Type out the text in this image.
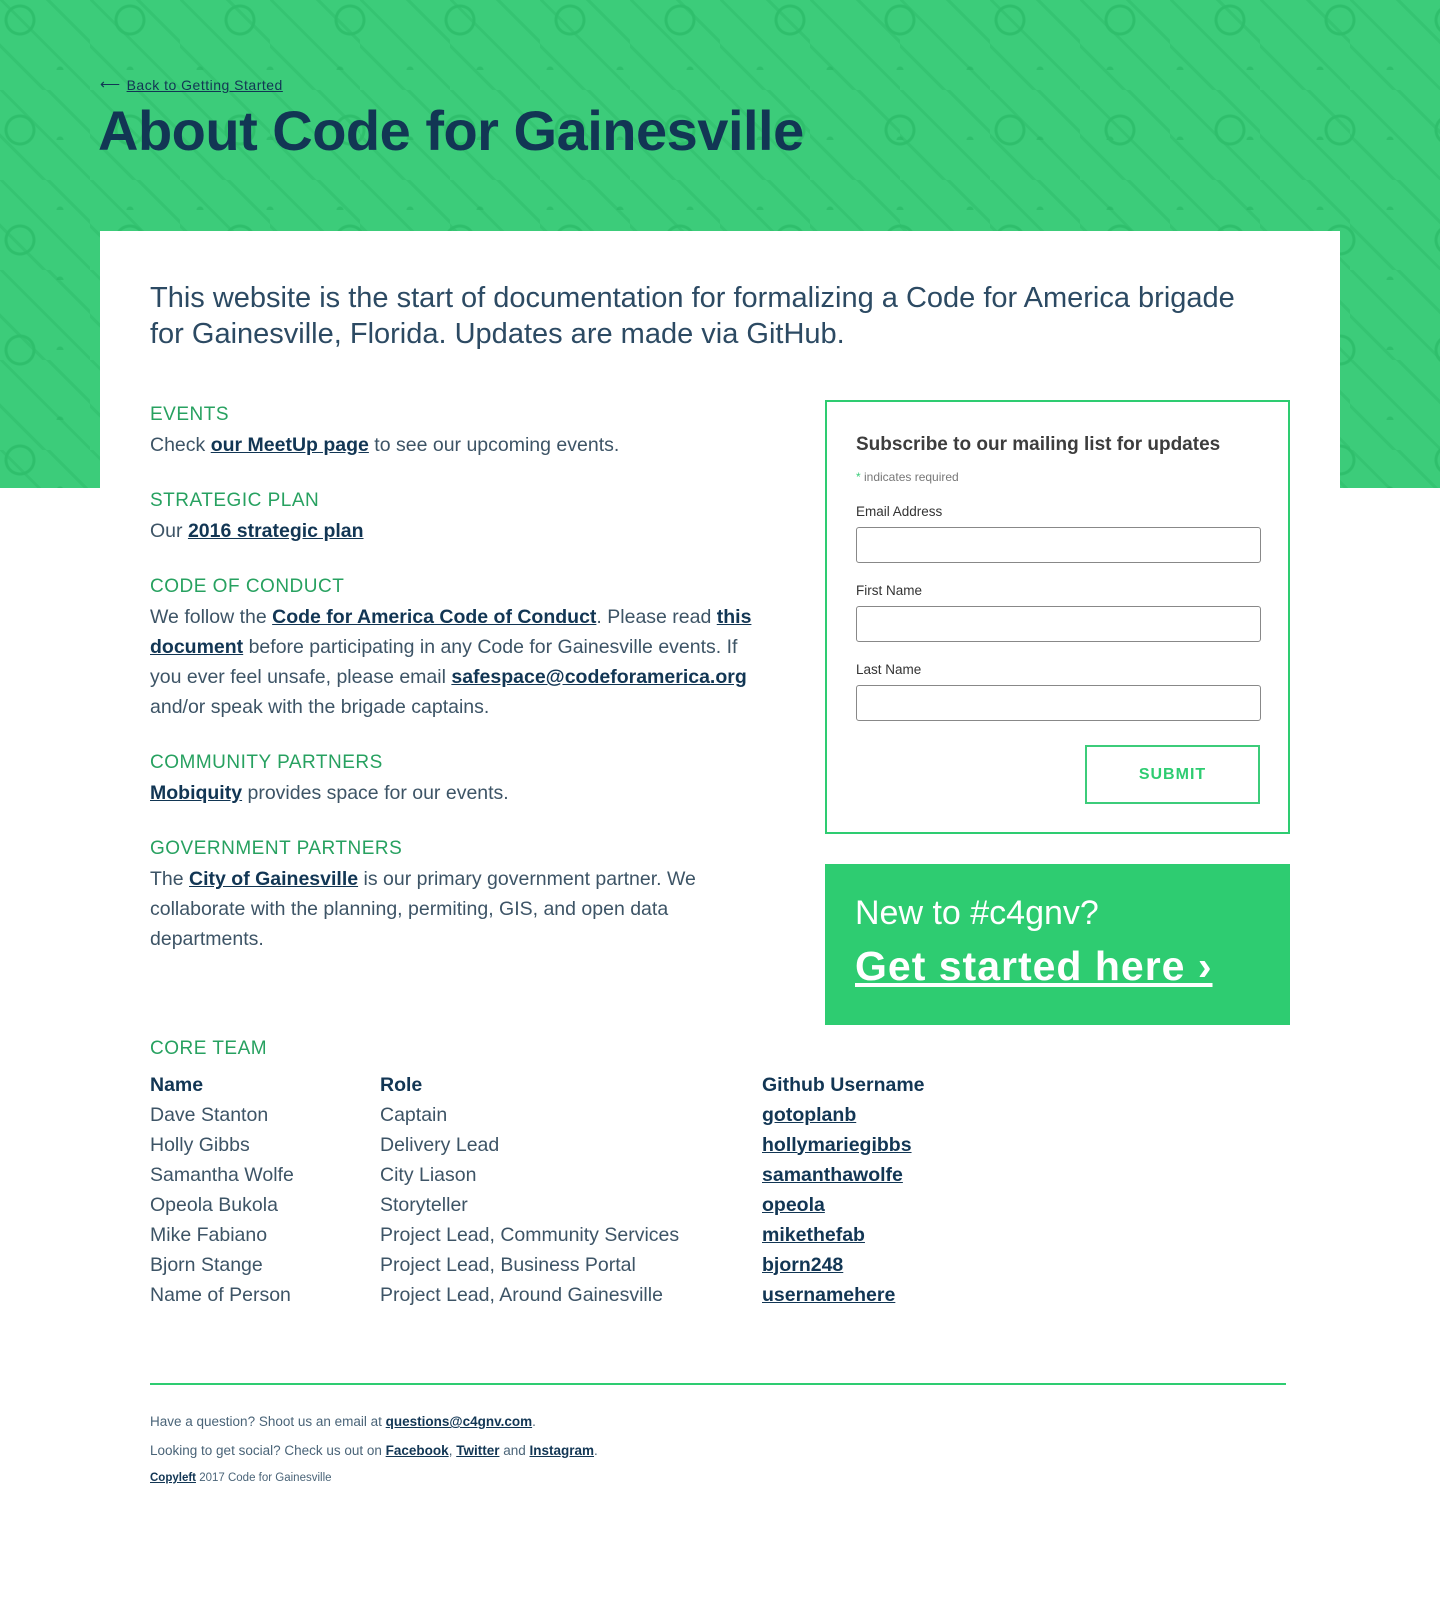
⟵ Back to Getting Started
About Code for Gainesville

This website is the start of documentation for formalizing a Code for America brigade for Gainesville, Florida. Updates are made via GitHub.

EVENTS

Check our MeetUp page to see our upcoming events.

STRATEGIC PLAN

Our 2016 strategic plan

CODE OF CONDUCT

We follow the Code for America Code of Conduct. Please read this document before participating in any Code for Gainesville events. If you ever feel unsafe, please email safespace@codeforamerica.org and/or speak with the brigade captains.

COMMUNITY PARTNERS

Mobiquity provides space for our events.

GOVERNMENT PARTNERS

The City of Gainesville is our primary government partner. We collaborate with the planning, permiting, GIS, and open data departments.

Subscribe to our mailing list for updates

* indicates required

Email Address
First Name
Last Name
SUBMIT
New to #c4gnv?
Get started here ›
CORE TEAM
Name	Role	Github Username
Dave Stanton	Captain	gotoplanb
Holly Gibbs	Delivery Lead	hollymariegibbs
Samantha Wolfe	City Liason	samanthawolfe
Opeola Bukola	Storyteller	opeola
Mike Fabiano	Project Lead, Community Services	mikethefab
Bjorn Stange	Project Lead, Business Portal	bjorn248
Name of Person	Project Lead, Around Gainesville	usernamehere

Have a question? Shoot us an email at questions@c4gnv.com.

Looking to get social? Check us out on Facebook, Twitter and Instagram.

Copyleft 2017 Code for Gainesville
